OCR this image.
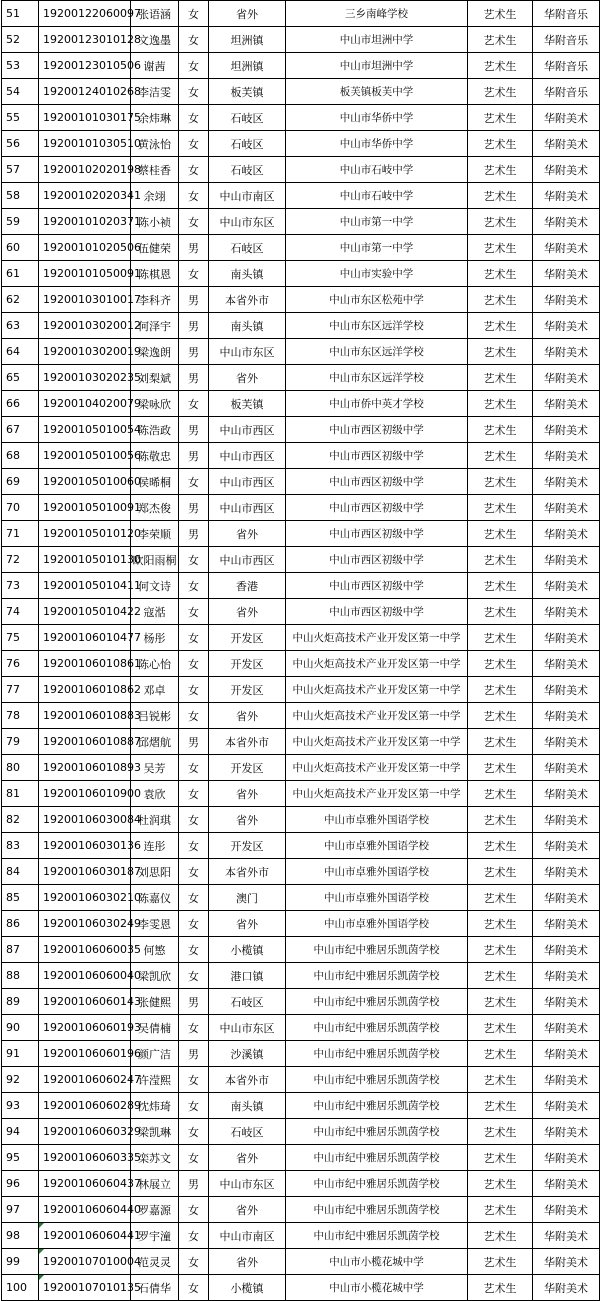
51	19200122060097	张语涵	女	省外	三乡南峰学校	艺术生	华附音乐
52	19200123010128	文逸墨	女	坦洲镇	中山市坦洲中学	艺术生	华附音乐
53	19200123010506	谢茜	女	坦洲镇	中山市坦洲中学	艺术生	华附音乐
54	19200124010268	李洁雯	女	板芙镇	板芙镇板芙中学	艺术生	华附音乐
55	19200101030175	余炜琳	女	石岐区	中山市华侨中学	艺术生	华附美术
56	19200101030510	黄泳怡	女	石岐区	中山市华侨中学	艺术生	华附美术
57	19200102020198	蔡桂香	女	石岐区	中山市石岐中学	艺术生	华附美术
58	19200102020341	余翊	女	中山市南区	中山市石岐中学	艺术生	华附美术
59	19200101020371	陈小祯	女	中山市东区	中山市第一中学	艺术生	华附美术
60	19200101020506	伍健荣	男	石岐区	中山市第一中学	艺术生	华附美术
61	19200101050091	陈棋恩	女	南头镇	中山市实验中学	艺术生	华附美术
62	19200103010017	李科齐	男	本省外市	中山市东区松苑中学	艺术生	华附美术
63	19200103020012	何泽宇	男	南头镇	中山市东区远洋学校	艺术生	华附美术
64	19200103020019	梁逸朗	男	中山市东区	中山市东区远洋学校	艺术生	华附美术
65	19200103020235	刘梨斌	男	省外	中山市东区远洋学校	艺术生	华附美术
66	19200104020079	梁咏欣	女	板芙镇	中山市侨中英才学校	艺术生	华附美术
67	19200105010054	陈浩政	男	中山市西区	中山市西区初级中学	艺术生	华附美术
68	19200105010056	陈敬忠	男	中山市西区	中山市西区初级中学	艺术生	华附美术
69	19200105010060	侯晞桐	女	中山市西区	中山市西区初级中学	艺术生	华附美术
70	19200105010091	郑杰俊	男	中山市西区	中山市西区初级中学	艺术生	华附美术
71	19200105010120	李荣顺	男	省外	中山市西区初级中学	艺术生	华附美术
72	19200105010130	欧阳雨桐	女	中山市西区	中山市西区初级中学	艺术生	华附美术
73	19200105010411	何文诗	女	香港	中山市西区初级中学	艺术生	华附美术
74	19200105010422	寇湉	女	省外	中山市西区初级中学	艺术生	华附美术
75	19200106010477	杨彤	女	开发区	中山火炬高技术产业开发区第一中学	艺术生	华附美术
76	19200106010861	陈心怡	女	开发区	中山火炬高技术产业开发区第一中学	艺术生	华附美术
77	19200106010862	邓卓	女	开发区	中山火炬高技术产业开发区第一中学	艺术生	华附美术
78	19200106010883	吕锐彬	女	省外	中山火炬高技术产业开发区第一中学	艺术生	华附美术
79	19200106010887	邱熠航	男	本省外市	中山火炬高技术产业开发区第一中学	艺术生	华附美术
80	19200106010893	吴芳	女	开发区	中山火炬高技术产业开发区第一中学	艺术生	华附美术
81	19200106010900	袁欣	女	省外	中山火炬高技术产业开发区第一中学	艺术生	华附美术
82	19200106030084	杜润琪	女	省外	中山市卓雅外国语学校	艺术生	华附美术
83	19200106030136	连彤	女	开发区	中山市卓雅外国语学校	艺术生	华附美术
84	19200106030187	刘思阳	女	本省外市	中山市卓雅外国语学校	艺术生	华附美术
85	19200106030210	陈嘉仪	女	澳门	中山市卓雅外国语学校	艺术生	华附美术
86	19200106030249	李雯恩	女	省外	中山市卓雅外国语学校	艺术生	华附美术
87	19200106060035	何慜	女	小榄镇	中山市纪中雅居乐凯茵学校	艺术生	华附美术
88	19200106060040	梁凯欣	女	港口镇	中山市纪中雅居乐凯茵学校	艺术生	华附美术
89	19200106060143	张健熙	男	石岐区	中山市纪中雅居乐凯茵学校	艺术生	华附美术
90	19200106060193	吴倩楠	女	中山市东区	中山市纪中雅居乐凯茵学校	艺术生	华附美术
91	19200106060196	颜广洁	男	沙溪镇	中山市纪中雅居乐凯茵学校	艺术生	华附美术
92	19200106060247	许滢熙	女	本省外市	中山市纪中雅居乐凯茵学校	艺术生	华附美术
93	19200106060289	沈炜琦	女	南头镇	中山市纪中雅居乐凯茵学校	艺术生	华附美术
94	19200106060329	梁凯琳	女	石岐区	中山市纪中雅居乐凯茵学校	艺术生	华附美术
95	19200106060335	栾苏文	女	省外	中山市纪中雅居乐凯茵学校	艺术生	华附美术
96	19200106060437	林展立	男	中山市东区	中山市纪中雅居乐凯茵学校	艺术生	华附美术
97	19200106060440	罗嘉源	女	省外	中山市纪中雅居乐凯茵学校	艺术生	华附美术
98	19200106060441	罗宇潼	女	中山市南区	中山市纪中雅居乐凯茵学校	艺术生	华附美术
99	19200107010004	范灵灵	女	省外	中山市小榄花城中学	艺术生	华附美术
100	19200107010135	石倩华	女	小榄镇	中山市小榄花城中学	艺术生	华附美术
